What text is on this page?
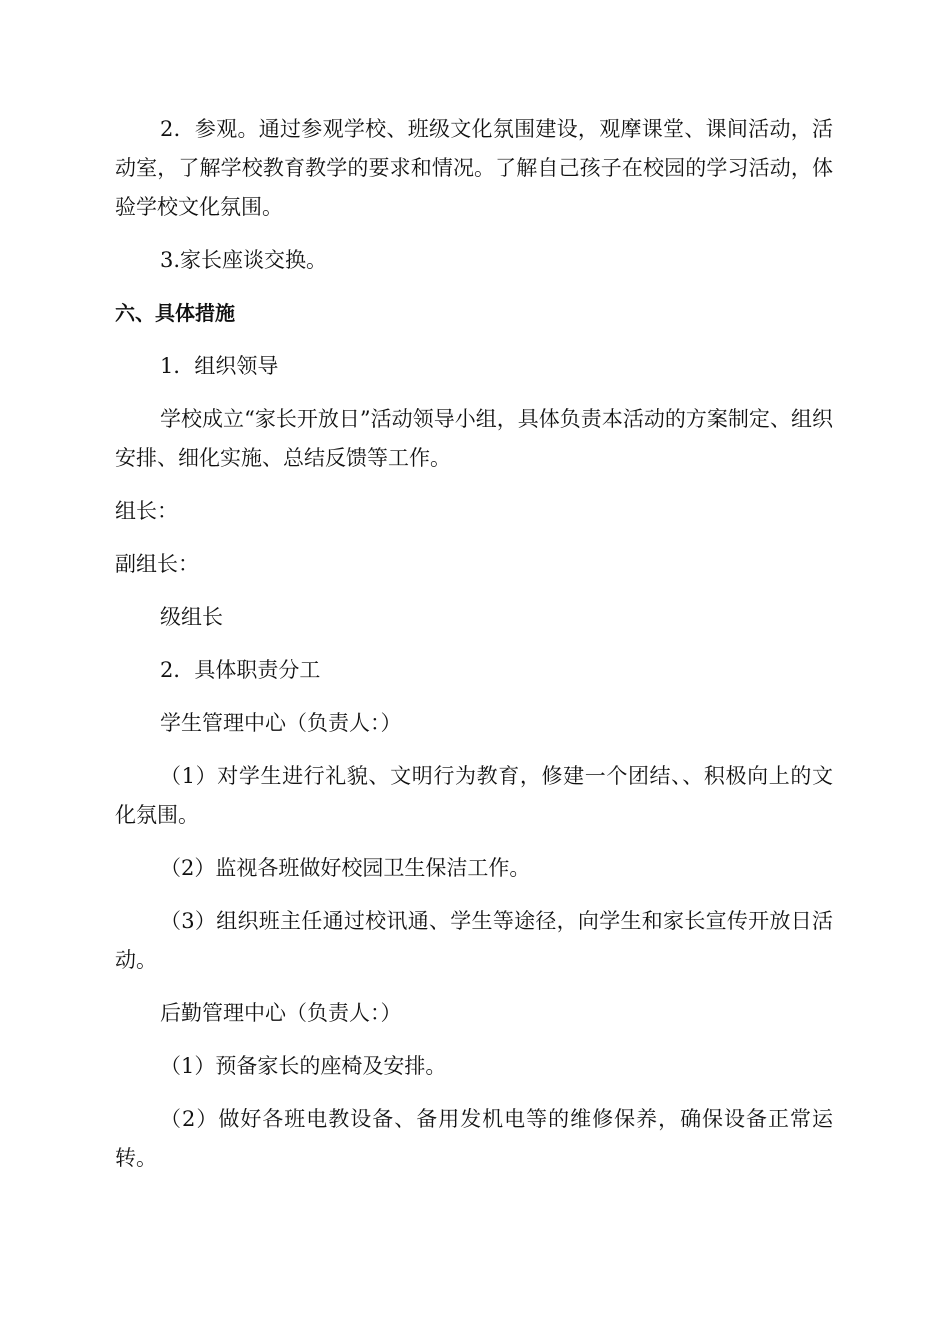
2．参观。通过参观学校、班级文化氛围建设，观摩课堂、课间活动，活动室，了解学校教育教学的要求和情况。了解自己孩子在校园的学习活动，体验学校文化氛围。

3.家长座谈交换。

六、具体措施

1．组织领导

学校成立“家长开放日”活动领导小组，具体负责本活动的方案制定、组织安排、细化实施、总结反馈等工作。

组长：

副组长：

级组长

2．具体职责分工

学生管理中心（负责人：）

（1）对学生进行礼貌、文明行为教育，修建一个团结、、积极向上的文化氛围。

（2）监视各班做好校园卫生保洁工作。

（3）组织班主任通过校讯通、学生等途径，向学生和家长宣传开放日活动。

后勤管理中心（负责人：）

（1）预备家长的座椅及安排。

（2）做好各班电教设备、备用发机电等的维修保养，确保设备正常运转。
